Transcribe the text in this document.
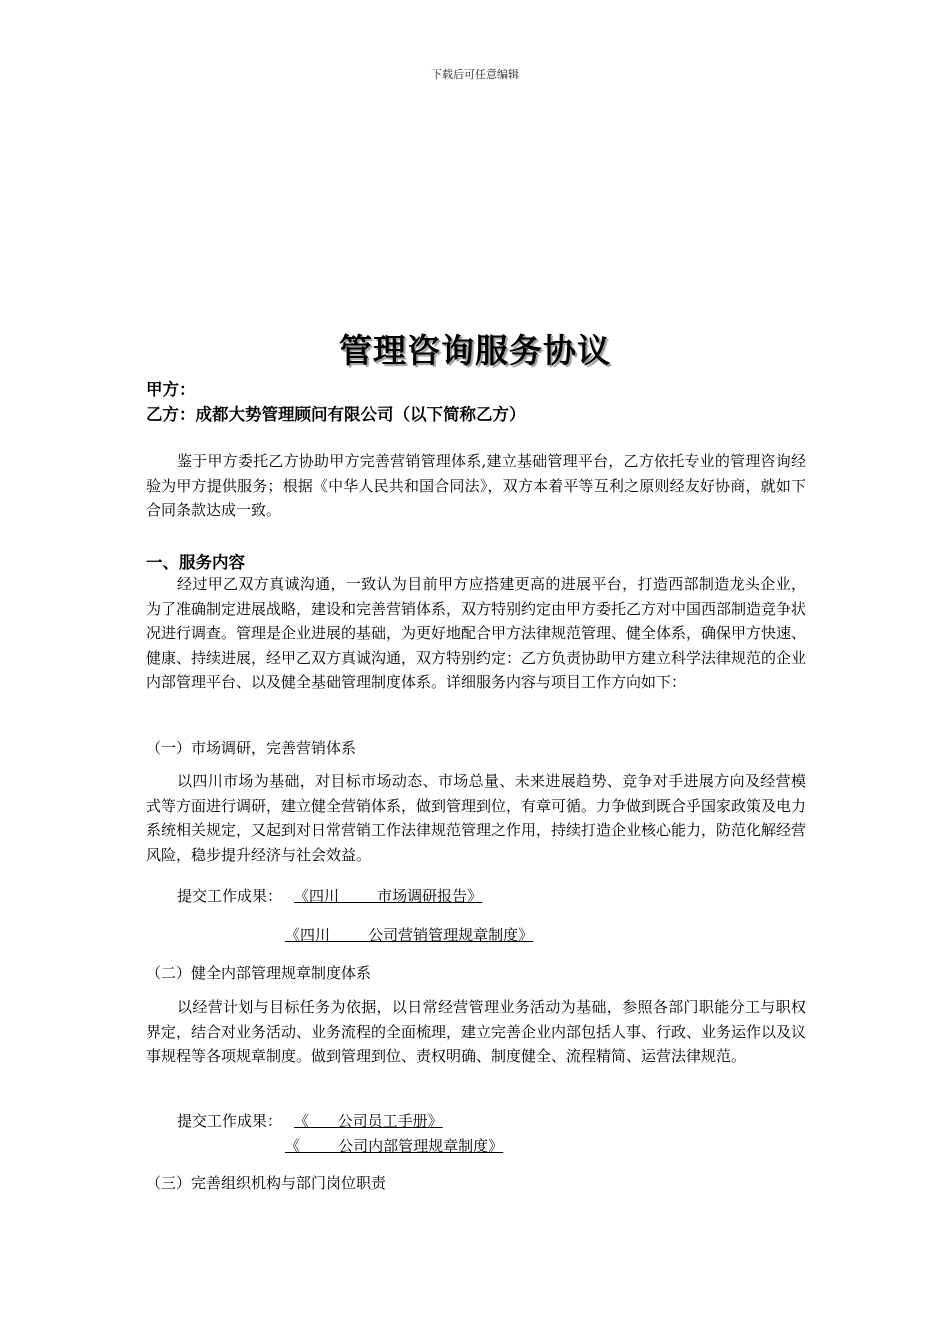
下载后可任意编辑
管理咨询服务协议
甲方：
乙方：成都大势管理顾问有限公司（以下简称乙方）
鉴于甲方委托乙方协助甲方完善营销管理体系,建立基础管理平台，乙方依托专业的管理咨询经验为甲方提供服务；根据《中华人民共和国合同法》，双方本着平等互利之原则经友好协商，就如下合同条款达成一致。
一、服务内容
经过甲乙双方真诚沟通，一致认为目前甲方应搭建更高的进展平台，打造西部制造龙头企业，为了准确制定进展战略，建设和完善营销体系，双方特别约定由甲方委托乙方对中国西部制造竞争状况进行调查。管理是企业进展的基础，为更好地配合甲方法律规范管理、健全体系，确保甲方快速、健康、持续进展，经甲乙双方真诚沟通，双方特别约定：乙方负责协助甲方建立科学法律规范的企业内部管理平台、以及健全基础管理制度体系。详细服务内容与项目工作方向如下：
（一）市场调研，完善营销体系
以四川市场为基础，对目标市场动态、市场总量、未来进展趋势、竞争对手进展方向及经营模式等方面进行调研，建立健全营销体系，做到管理到位，有章可循。力争做到既合乎国家政策及电力系统相关规定，又起到对日常营销工作法律规范管理之作用，持续打造企业核心能力，防范化解经营风险，稳步提升经济与社会效益。
提交工作成果： 《四川        市场调研报告》
《四川        公司营销管理规章制度》
（二）健全内部管理规章制度体系
以经营计划与目标任务为依据，以日常经营管理业务活动为基础，参照各部门职能分工与职权界定，结合对业务活动、业务流程的全面梳理，建立完善企业内部包括人事、行政、业务运作以及议事规程等各项规章制度。做到管理到位、责权明确、制度健全、流程精简、运营法律规范。
提交工作成果： 《      公司员工手册》
《        公司内部管理规章制度》
（三）完善组织机构与部门岗位职责
